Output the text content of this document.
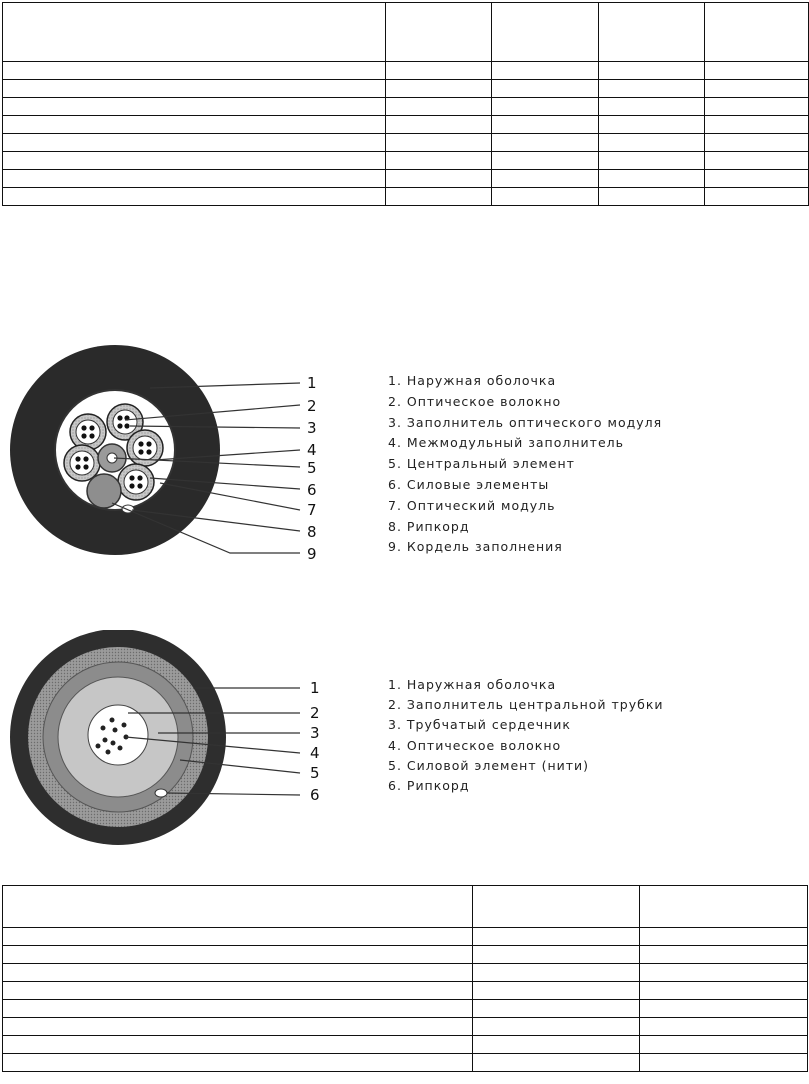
1
2
3
4
5
6
7
8
9
1. Наружная оболочка
2. Оптическое волокно
3. Заполнитель оптического модуля
4. Межмодульный заполнитель
5. Центральный элемент
6. Силовые элементы
7. Оптический модуль
8. Рипкорд
9. Кордель заполнения
1
2
3
4
5
6
1. Наружная оболочка
2. Заполнитель центральной трубки
3. Трубчатый сердечник
4. Оптическое волокно
5. Силовой элемент (нити)
6. Рипкорд
